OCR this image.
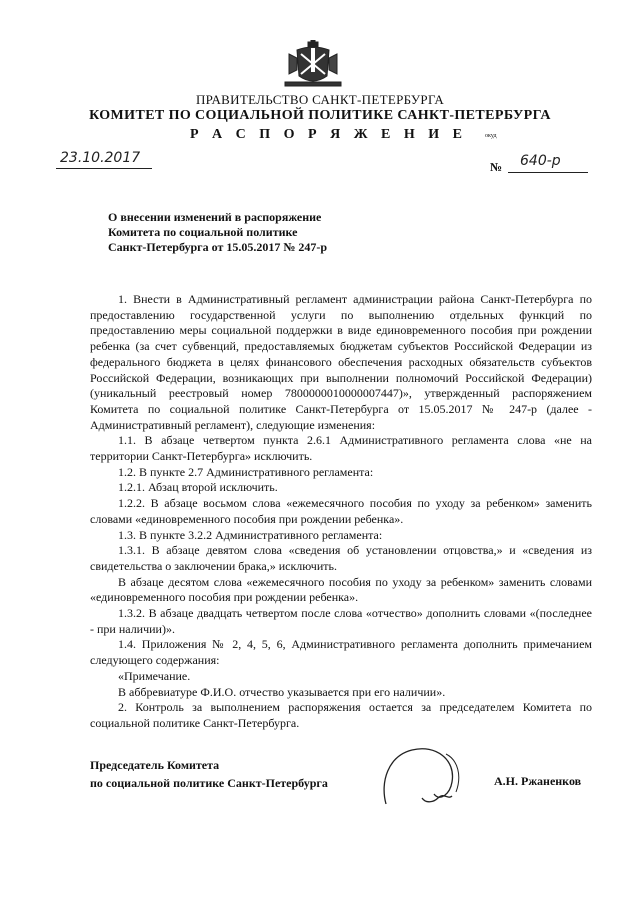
ПРАВИТЕЛЬСТВО САНКТ-ПЕТЕРБУРГА
КОМИТЕТ ПО СОЦИАЛЬНОЙ ПОЛИТИКЕ САНКТ-ПЕТЕРБУРГА
Р А С П О Р Я Ж Е Н И Е	окуд
23.10.2017
№ 640-р
О внесении изменений в распоряжение
Комитета по социальной политике
Санкт-Петербурга от 15.05.2017 № 247-р

1. Внести в Административный регламент администрации района Санкт-Петербурга по предоставлению государственной услуги по выполнению отдельных функций по предоставлению меры социальной поддержки в виде единовременного пособия при рождении ребенка (за счет субвенций, предоставляемых бюджетам субъектов Российской Федерации из федерального бюджета в целях финансового обеспечения расходных обязательств субъектов Российской Федерации, возникающих при выполнении полномочий Российской Федерации) (уникальный реестровый номер 7800000010000007447)», утвержденный распоряжением Комитета по социальной политике Санкт-Петербурга от 15.05.2017 № 247-р (далее - Административный регламент), следующие изменения:

1.1. В абзаце четвертом пункта 2.6.1 Административного регламента слова «не на территории Санкт-Петербурга» исключить.

1.2. В пункте 2.7 Административного регламента:

1.2.1. Абзац второй исключить.

1.2.2. В абзаце восьмом слова «ежемесячного пособия по уходу за ребенком» заменить словами «единовременного пособия при рождении ребенка».

1.3. В пункте 3.2.2 Административного регламента:

1.3.1. В абзаце девятом слова «сведения об установлении отцовства,» и «сведения из свидетельства о заключении брака,» исключить.

В абзаце десятом слова «ежемесячного пособия по уходу за ребенком» заменить словами «единовременного пособия при рождении ребенка».

1.3.2. В абзаце двадцать четвертом после слова «отчество» дополнить словами «(последнее - при наличии)».

1.4. Приложения № 2, 4, 5, 6, Административного регламента дополнить примечанием следующего содержания:

«Примечание.

В аббревиатуре Ф.И.О. отчество указывается при его наличии».

2. Контроль за выполнением распоряжения остается за председателем Комитета по социальной политике Санкт-Петербурга.

Председатель Комитета
по социальной политике Санкт-Петербурга	А.Н. Ржаненков
